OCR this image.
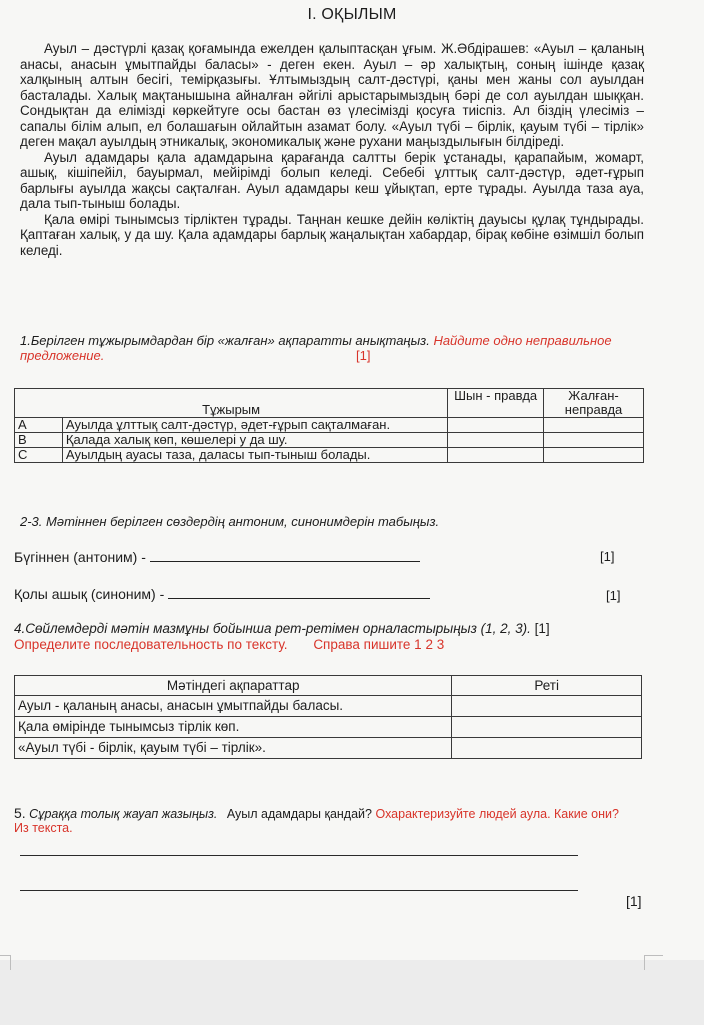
I. ОҚЫЛЫМ

Ауыл – дәстүрлі қазақ қоғамында ежелден қалыптасқан ұғым. Ж.Әбдірашев: «Ауыл – қаланың анасы, анасын ұмытпайды баласы» - деген екен. Ауыл – әр халықтың, соның ішінде қазақ халқының алтын бесігі, темірқазығы. Ұлтымыздың салт-дәстүрі, қаны мен жаны сол ауылдан басталады. Халық мақтанышына айналған әйгілі арыстарымыздың бәрі де сол ауылдан шыққан. Сондықтан да елімізді көркейтуге осы бастан өз үлесімізді қосуға тиіспіз. Ал біздің үлесіміз – сапалы білім алып, ел болашағын ойлайтын азамат болу. «Ауыл түбі – бірлік, қауым түбі – тірлік» деген мақал ауылдың этникалық, экономикалық және рухани маңыздылығын білдіреді.

Ауыл адамдары қала адамдарына қарағанда салтты берік ұстанады, қарапайым, жомарт, ашық, кішіпейіл, бауырмал, мейірімді болып келеді. Себебі ұлттық салт-дәстүр, әдет-ғұрып барлығы ауылда жақсы сақталған. Ауыл адамдары кеш ұйықтап, ерте тұрады. Ауылда таза ауа, дала тып-тыныш болады.

Қала өмірі тынымсыз тірліктен тұрады. Таңнан кешке дейін көліктің дауысы құлақ тұндырады. Қаптаған халық, у да шу. Қала адамдары барлық жаңалықтан хабардар, бірақ көбіне өзімшіл болып келеді.

1.Берілген тұжырымдардан бір «жалған» ақпаратты анықтаңыз. Найдите одно неправильное предложение.	[1]
Тұжырым		Шын - правда	Жалған- неправда
А	Ауылда ұлттық салт-дәстүр, әдет-ғұрып сақталмаған.		
В	Қалада халық көп, көшелері у да шу.		
С	Ауылдың ауасы таза, даласы тып-тыныш болады.		
2-3. Мәтіннен берілген сөздердің антоним, синонимдерін табыңыз.
Бүгіннен (антоним) -	[1]
Қолы ашық (синоним) -	[1]
4.Сөйлемдерді мәтін мазмұны бойынша рет-ретімен орналастырыңыз (1, 2, 3). [1]
Определите последовательность по тексту. Справа пишите 1 2 3
Мәтіндегі ақпараттар	Реті
Ауыл - қаланың анасы, анасын ұмытпайды баласы.	
Қала өмірінде тынымсыз тірлік көп.	
«Ауыл түбі - бірлік, қауым түбі – тірлік».	
5. Сұраққа толық жауап жазыңыз. Ауыл адамдары қандай? Охарактеризуйте людей аула. Какие они? Из текста.
[1]
